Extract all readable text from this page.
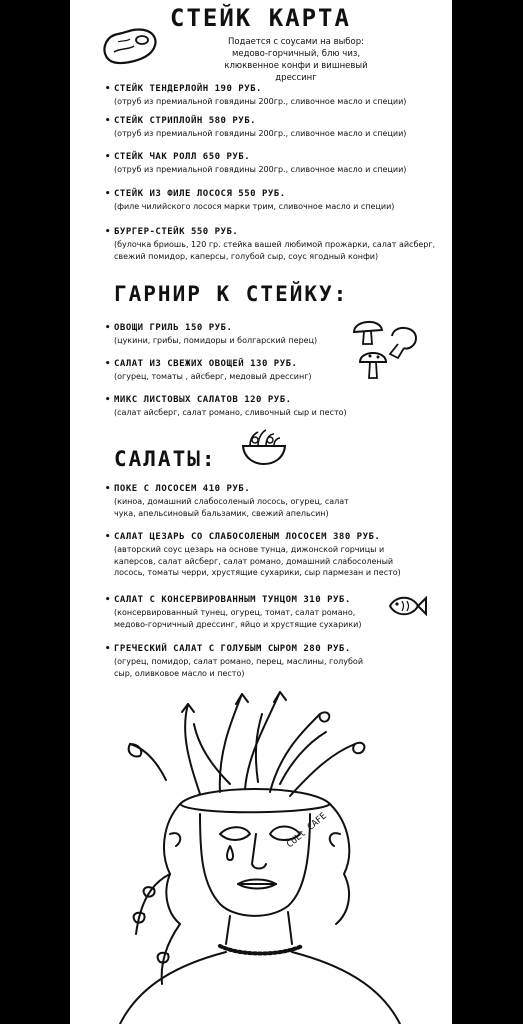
СТЕЙК КАРТА
Подается с соусами на выбор: медово-горчичный, блю чиз, клюквенное конфи и вишневый дрессинг
• СТЕЙК ТЕНДЕРЛОЙН 190 РУБ.
(отруб из премиальной говядины 200гр., сливочное масло и специи)
• СТЕЙК СТРИПЛОЙН 580 РУБ.
(отруб из премиальной говядины 200гр., сливочное масло и специи)
• СТЕЙК ЧАК РОЛЛ 650 РУБ.
(отруб из премиальной говядины 200гр., сливочное масло и специи)
• СТЕЙК ИЗ ФИЛЕ ЛОСОСЯ 550 РУБ.
(филе чилийского лосося марки трим, сливочное масло и специи)
• БУРГЕР-СТЕЙК 550 РУБ.
(булочка бриошь, 120 гр. стейка вашей любимой прожарки, салат айсберг, свежий помидор, каперсы, голубой сыр, соус ягодный конфи)
ГАРНИР К СТЕЙКУ:
• ОВОЩИ ГРИЛЬ 150 РУБ.
(цукини, грибы, помидоры и болгарский перец)
• САЛАТ ИЗ СВЕЖИХ ОВОЩЕЙ 130 РУБ.
(огурец, томаты , айсберг, медовый дрессинг)
• МИКС ЛИСТОВЫХ САЛАТОВ 120 РУБ.
(салат айсберг, салат романо, сливочный сыр и песто)
САЛАТЫ:
• ПОКЕ С ЛОСОСЕМ 410 РУБ.
(киноа, домашний слабосоленый лосось, огурец, салат чука, апельсиновый бальзамик, свежий апельсин)
• САЛАТ ЦЕЗАРЬ СО СЛАБОСОЛЕНЫМ ЛОСОСЕМ 380 РУБ.
(авторский соус цезарь на основе тунца, дижонской горчицы и каперсов, салат айсберг, салат романо, домашний слабосоленый лосось, томаты черри, хрустящие сухарики, сыр пармезан и песто)
• САЛАТ С КОНСЕРВИРОВАННЫМ ТУНЦОМ 310 РУБ.
(консервированный тунец, огурец, томат, салат романо, медово-горчичный дрессинг, яйцо и хрустящие сухарики)
• ГРЕЧЕСКИЙ САЛАТ С ГОЛУБЫМ СЫРОМ 280 РУБ.
(огурец, помидор, салат романо, перец, маслины, голубой сыр, оливковое масло и песто)
CULt CAFE
